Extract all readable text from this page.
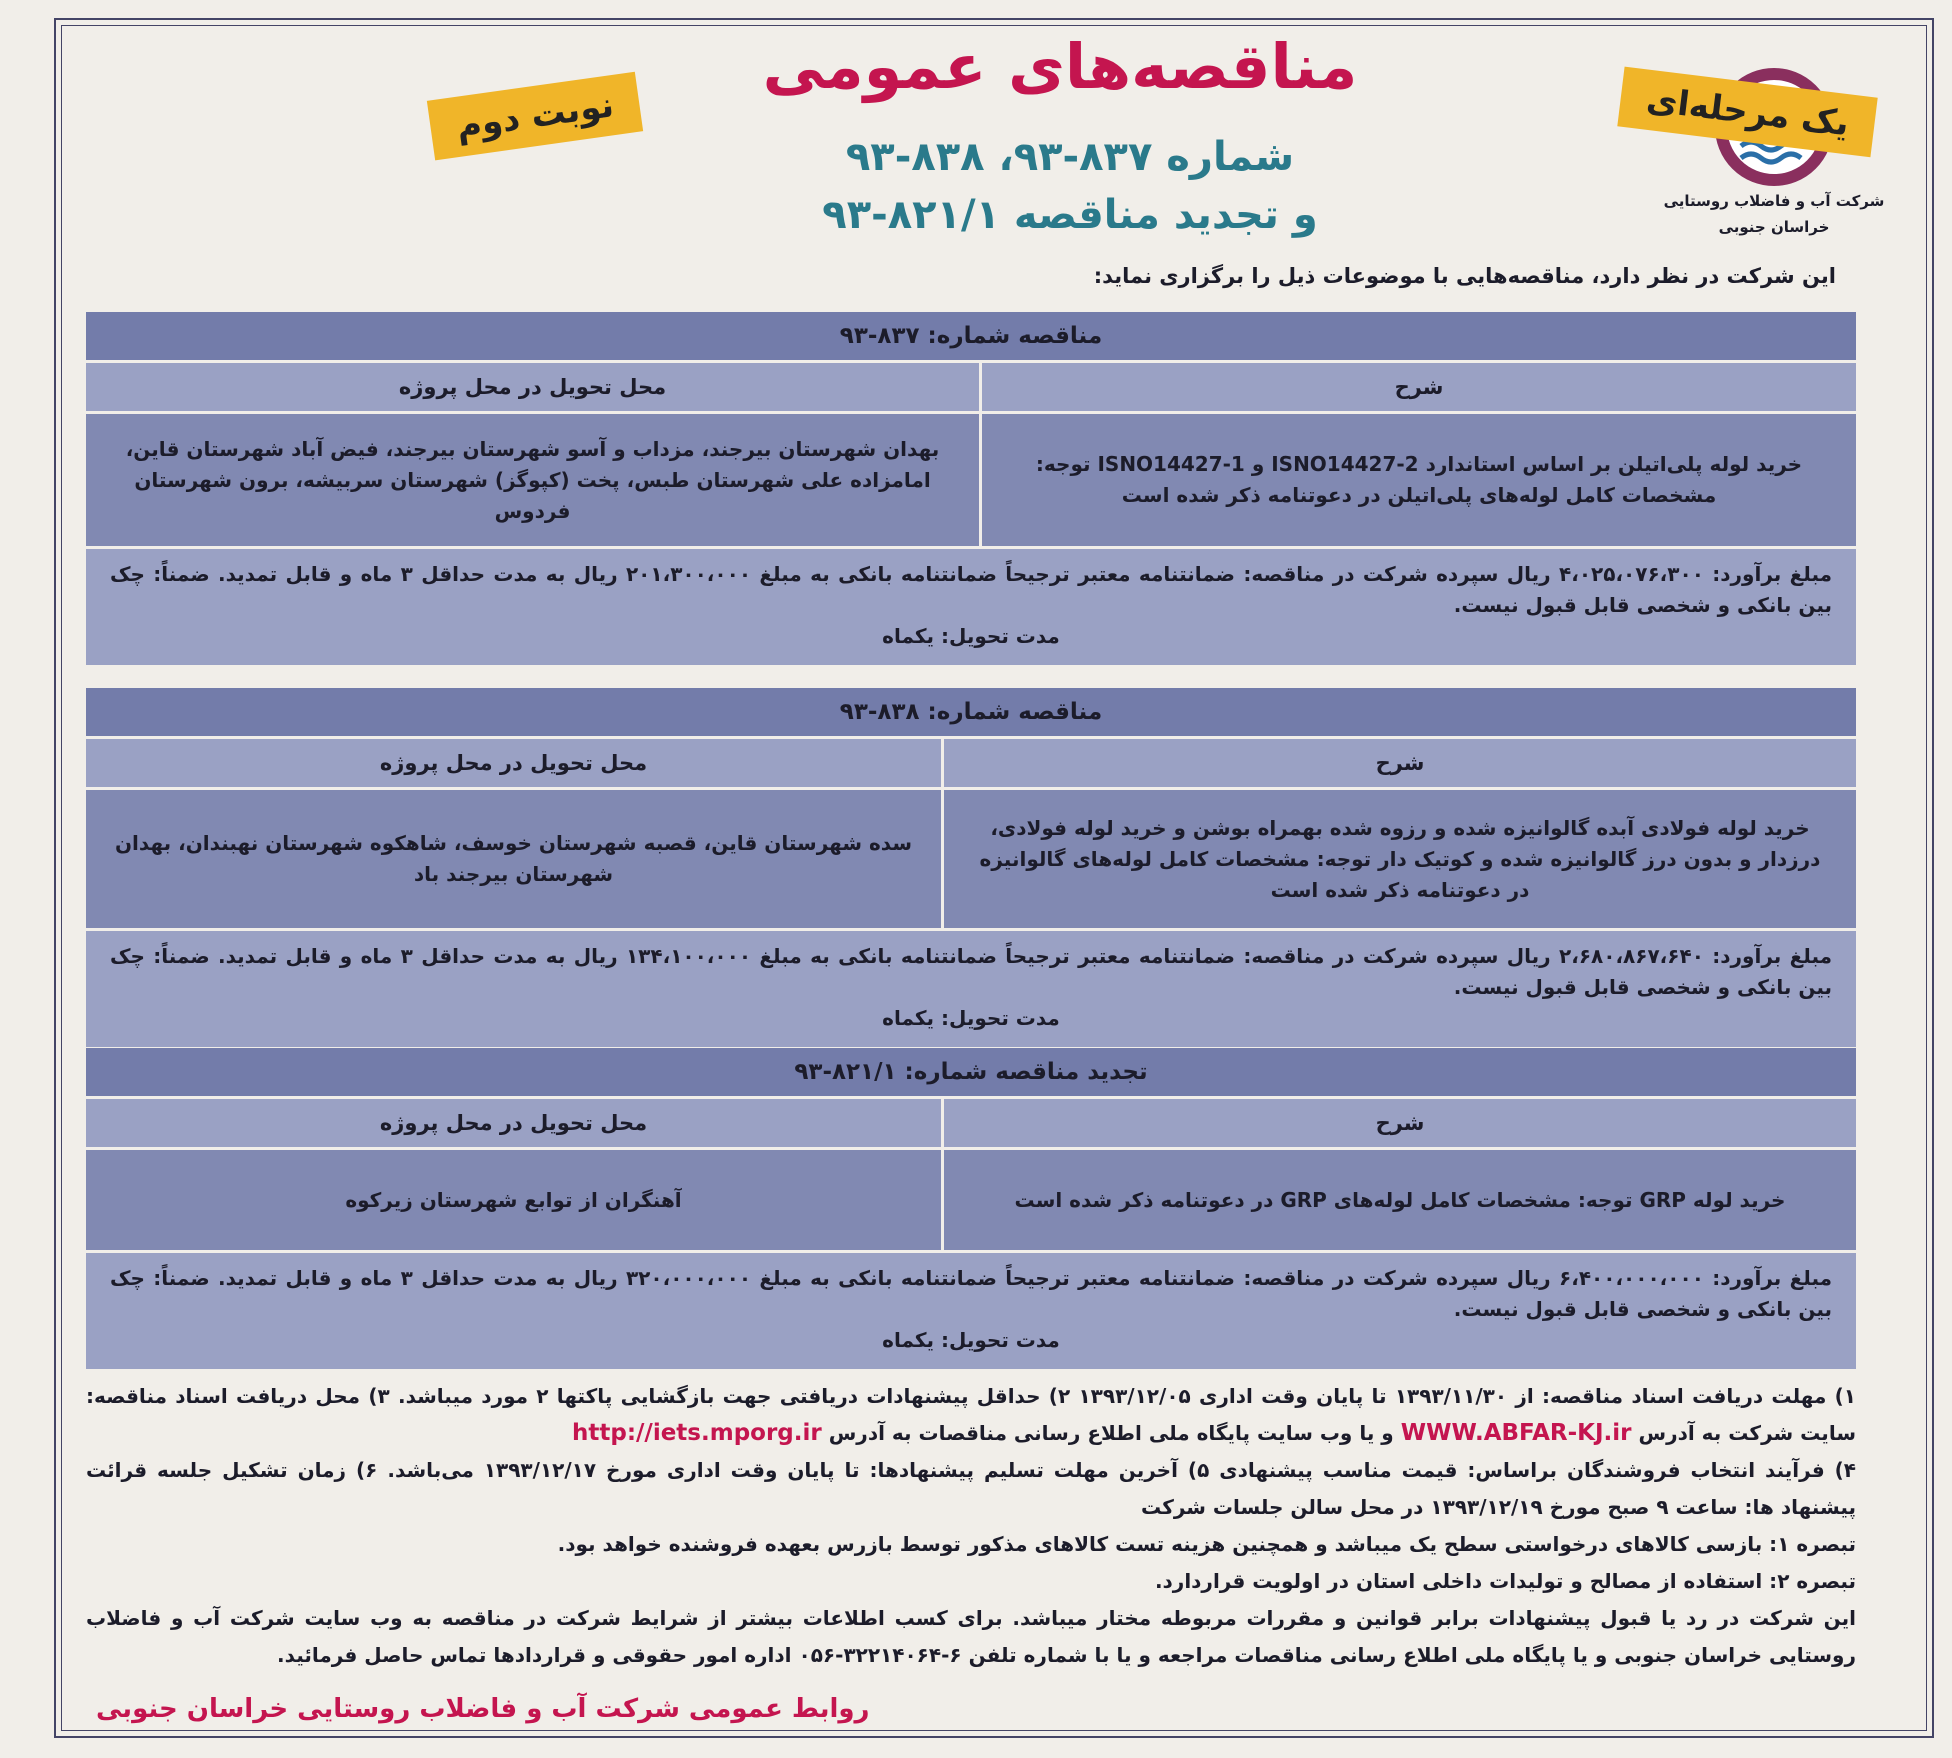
شرکت آب و فاضلاب روستایی
خراسان جنوبی
نوبت دوم	یک مرحله‌ای
مناقصه‌های عمومی
شماره ۸۳۷-۹۳، ۸۳۸-۹۳
و تجدید مناقصه ۸۲۱/۱-۹۳
این شرکت در نظر دارد، مناقصه‌هایی با موضوعات ذیل را برگزاری نماید:
مناقصه شماره: ۸۳۷-۹۳
شرح
خرید لوله پلی‌اتیلن بر اساس استاندارد ISNO14427-2 و ISNO14427-1 توجه: مشخصات کامل لوله‌های پلی‌اتیلن در دعوتنامه ذکر شده است
محل تحویل در محل پروژه
بهدان شهرستان بیرجند، مزداب و آسو شهرستان بیرجند، فیض آباد شهرستان قاین، امامزاده علی شهرستان طبس، پخت (کپوگز) شهرستان سربیشه، برون شهرستان فردوس
مبلغ برآورد: ۴،۰۲۵،۰۷۶،۳۰۰ ریال سپرده شرکت در مناقصه: ضمانتنامه معتبر ترجیحاً ضمانتنامه بانکی به مبلغ ۲۰۱،۳۰۰،۰۰۰ ریال به مدت حداقل ۳ ماه و قابل تمدید. ضمناً: چک بین بانکی و شخصی قابل قبول نیست.
مدت تحویل: یکماه
مناقصه شماره: ۸۳۸-۹۳
شرح
خرید لوله فولادی آبده گالوانیزه شده و رزوه شده بهمراه بوشن و خرید لوله فولادی، درزدار و بدون درز گالوانیزه شده و کوتیک دار توجه: مشخصات کامل لوله‌های گالوانیزه در دعوتنامه ذکر شده است
محل تحویل در محل پروژه
سده شهرستان قاین، قصبه شهرستان خوسف، شاهکوه شهرستان نهبندان، بهدان شهرستان بیرجند باد
مبلغ برآورد: ۲،۶۸۰،۸۶۷،۶۴۰ ریال سپرده شرکت در مناقصه: ضمانتنامه معتبر ترجیحاً ضمانتنامه بانکی به مبلغ ۱۳۴،۱۰۰،۰۰۰ ریال به مدت حداقل ۳ ماه و قابل تمدید. ضمناً: چک بین بانکی و شخصی قابل قبول نیست.
مدت تحویل: یکماه
تجدید مناقصه شماره: ۸۲۱/۱-۹۳
شرح
خرید لوله GRP توجه: مشخصات کامل لوله‌های GRP در دعوتنامه ذکر شده است
محل تحویل در محل پروژه
آهنگران از توابع شهرستان زیرکوه
مبلغ برآورد: ۶،۴۰۰،۰۰۰،۰۰۰ ریال سپرده شرکت در مناقصه: ضمانتنامه معتبر ترجیحاً ضمانتنامه بانکی به مبلغ ۳۲۰،۰۰۰،۰۰۰ ریال به مدت حداقل ۳ ماه و قابل تمدید. ضمناً: چک بین بانکی و شخصی قابل قبول نیست.
مدت تحویل: یکماه
۱) مهلت دریافت اسناد مناقصه: از ۱۳۹۳/۱۱/۳۰ تا پایان وقت اداری ۱۳۹۳/۱۲/۰۵ ۲) حداقل پیشنهادات دریافتی جهت بازگشایی پاکتها ۲ مورد میباشد. ۳) محل دریافت اسناد مناقصه: سایت شرکت به آدرس WWW.ABFAR-KJ.ir و یا وب سایت پایگاه ملی اطلاع رسانی مناقصات به آدرس http://iets.mporg.ir
۴) فرآیند انتخاب فروشندگان براساس: قیمت مناسب پیشنهادی ۵) آخرین مهلت تسلیم پیشنهادها: تا پایان وقت اداری مورخ ۱۳۹۳/۱۲/۱۷ می‌باشد. ۶) زمان تشکیل جلسه قرائت پیشنهاد ها: ساعت ۹ صبح مورخ ۱۳۹۳/۱۲/۱۹ در محل سالن جلسات شرکت
تبصره ۱: بازسی کالاهای درخواستی سطح یک میباشد و همچنین هزینه تست کالاهای مذکور توسط بازرس بعهده فروشنده خواهد بود.
تبصره ۲: استفاده از مصالح و تولیدات داخلی استان در اولویت قراردارد.
این شرکت در رد یا قبول پیشنهادات برابر قوانین و مقررات مربوطه مختار میباشد. برای کسب اطلاعات بیشتر از شرایط شرکت در مناقصه به وب سایت شرکت آب و فاضلاب روستایی خراسان جنوبی و یا پایگاه ملی اطلاع رسانی مناقصات مراجعه و یا با شماره تلفن ۶-۳۲۲۱۴۰۶۴-۰۵۶ اداره امور حقوقی و قراردادها تماس حاصل فرمائید.
روابط عمومی شرکت آب و فاضلاب روستایی خراسان جنوبی
